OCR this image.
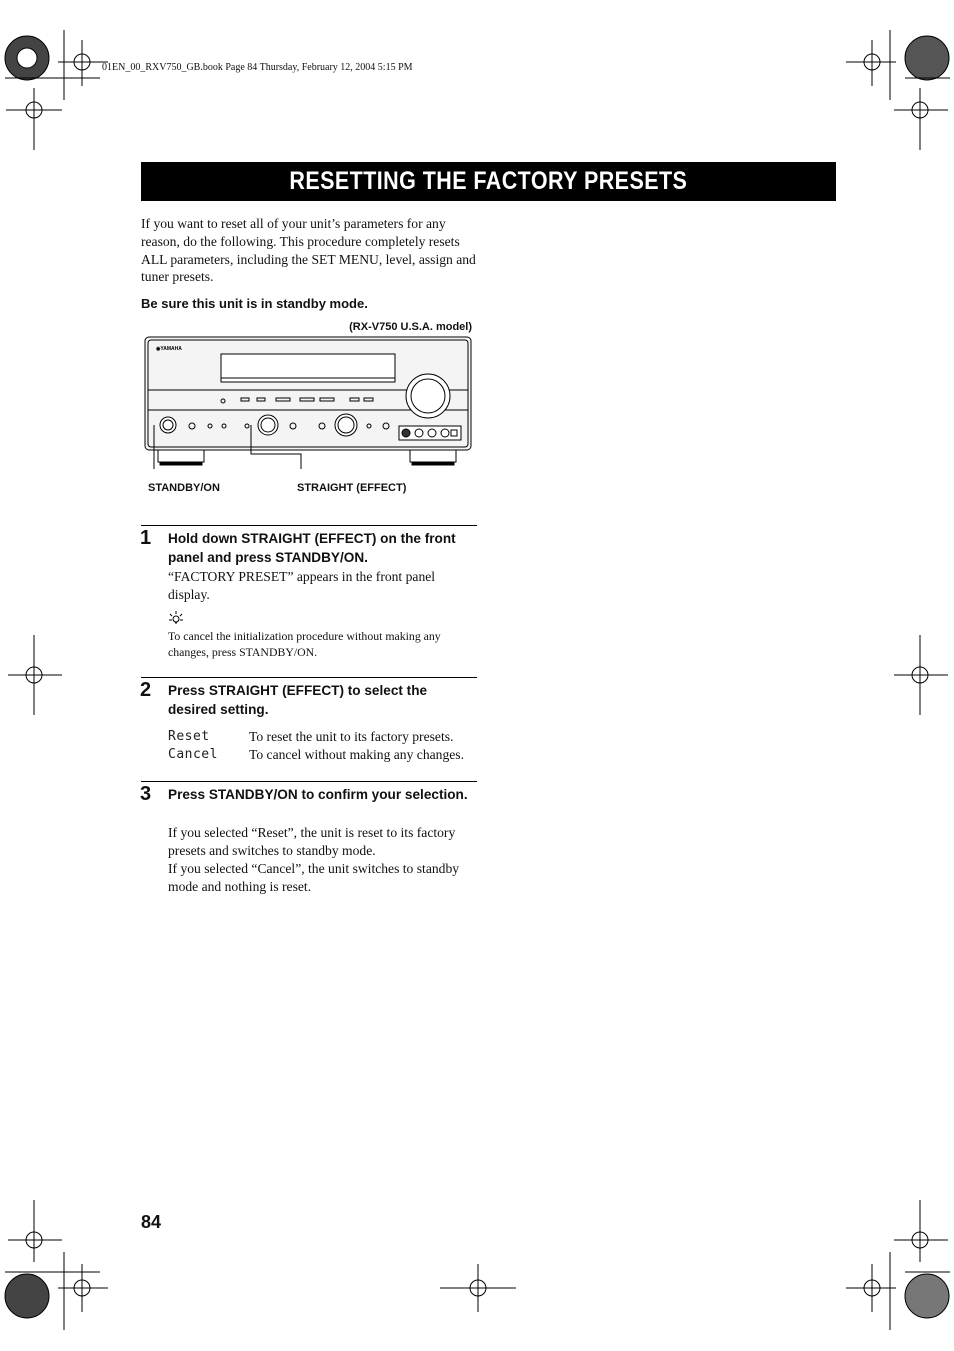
01EN_00_RXV750_GB.book Page 84 Thursday, February 12, 2004 5:15 PM
RESETTING THE FACTORY PRESETS
If you want to reset all of your unit’s parameters for any reason, do the following. This procedure completely resets ALL parameters, including the SET MENU, level, assign and tuner presets.
Be sure this unit is in standby mode.
(RX-V750 U.S.A. model)
◉YAMAHA
STANDBY/ON	STRAIGHT (EFFECT)
1 Hold down STRAIGHT (EFFECT) on the front panel and press STANDBY/ON.
“FACTORY PRESET” appears in the front panel display.
To cancel the initialization procedure without making any changes, press STANDBY/ON.
2 Press STRAIGHT (EFFECT) to select the desired setting.
Reset	To reset the unit to its factory presets.
Cancel To cancel without making any changes.
3 Press STANDBY/ON to confirm your selection.
If you selected “Reset”, the unit is reset to its factory presets and switches to standby mode.
If you selected “Cancel”, the unit switches to standby mode and nothing is reset.
84
